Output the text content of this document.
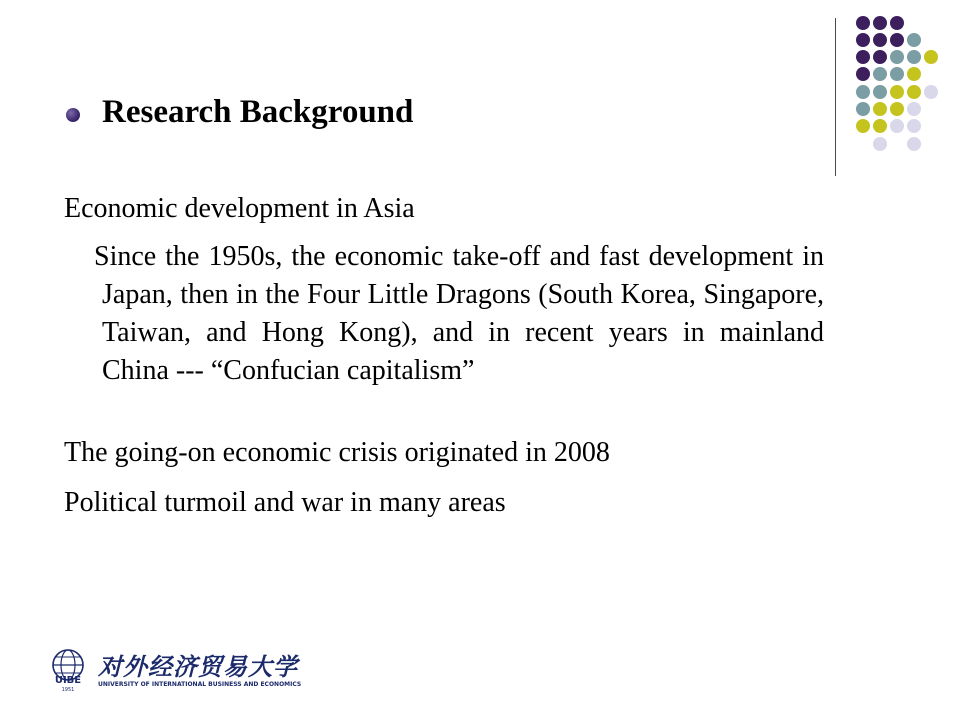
Research Background
Economic development in Asia
Since the 1950s, the economic take-off and fast development in Japan, then in the Four Little Dragons (South Korea, Singapore, Taiwan, and Hong Kong), and in recent years in mainland China --- “Confucian capitalism”
The going-on economic crisis originated in 2008
Political turmoil and war in many areas
UIBE
1951
对外经济贸易大学
UNIVERSITY OF INTERNATIONAL BUSINESS AND ECONOMICS
